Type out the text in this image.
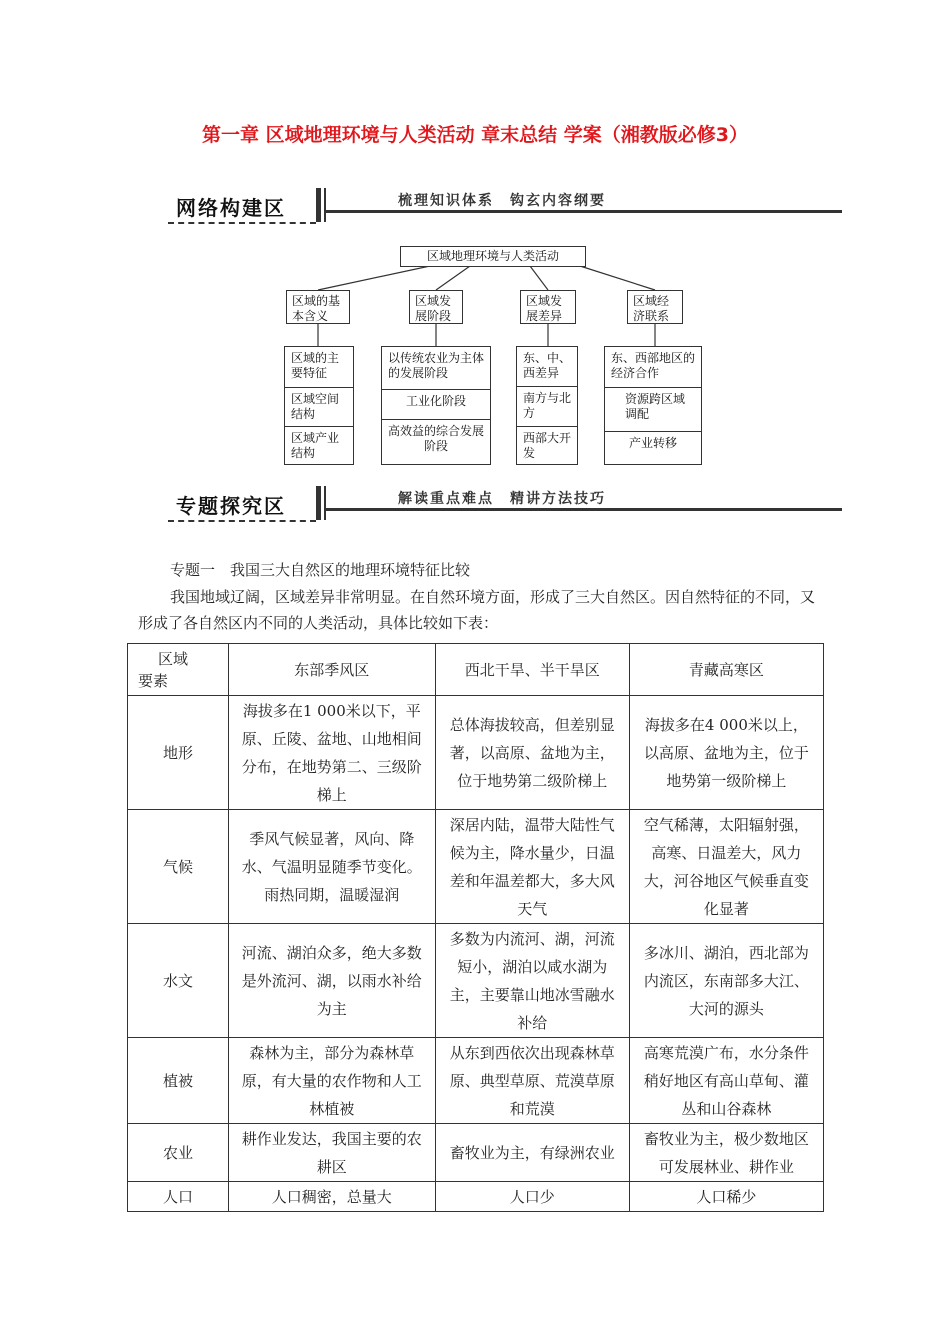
第一章 区域地理环境与人类活动 章末总结 学案（湘教版必修3）
网络构建区	梳理知识体系　钩玄内容纲要
区域地理环境与人类活动
区域的基本含义
区域发展阶段
区域发展差异
区域经济联系
区域的主要特征
区域空间结构
区域产业结构
以传统农业为主体的发展阶段
工业化阶段
高效益的综合发展阶段
东、中、西差异
南方与北方
西部大开发
东、西部地区的经济合作
资源跨区域调配
产业转移
专题探究区	解读重点难点　精讲方法技巧
专题一　我国三大自然区的地理环境特征比较
我国地域辽阔，区域差异非常明显。在自然环境方面，形成了三大自然区。因自然特征的不同，又形成了各自然区内不同的人类活动，具体比较如下表：
区域
要素	东部季风区	西北干旱、半干旱区	青藏高寒区
地形	海拔多在1 000米以下，平原、丘陵、盆地、山地相间分布，在地势第二、三级阶梯上	总体海拔较高，但差别显著，以高原、盆地为主，位于地势第二级阶梯上	海拔多在4 000米以上，以高原、盆地为主，位于地势第一级阶梯上
气候	季风气候显著，风向、降水、气温明显随季节变化。雨热同期，温暖湿润	深居内陆，温带大陆性气候为主，降水量少，日温差和年温差都大，多大风天气	空气稀薄，太阳辐射强，高寒、日温差大，风力大，河谷地区气候垂直变化显著
水文	河流、湖泊众多，绝大多数是外流河、湖，以雨水补给为主	多数为内流河、湖，河流短小，湖泊以咸水湖为主，主要靠山地冰雪融水补给	多冰川、湖泊，西北部为内流区，东南部多大江、大河的源头
植被	森林为主，部分为森林草原，有大量的农作物和人工林植被	从东到西依次出现森林草原、典型草原、荒漠草原和荒漠	高寒荒漠广布，水分条件稍好地区有高山草甸、灌丛和山谷森林
农业	耕作业发达，我国主要的农耕区	畜牧业为主，有绿洲农业	畜牧业为主，极少数地区可发展林业、耕作业
人口	人口稠密，总量大	人口少	人口稀少
